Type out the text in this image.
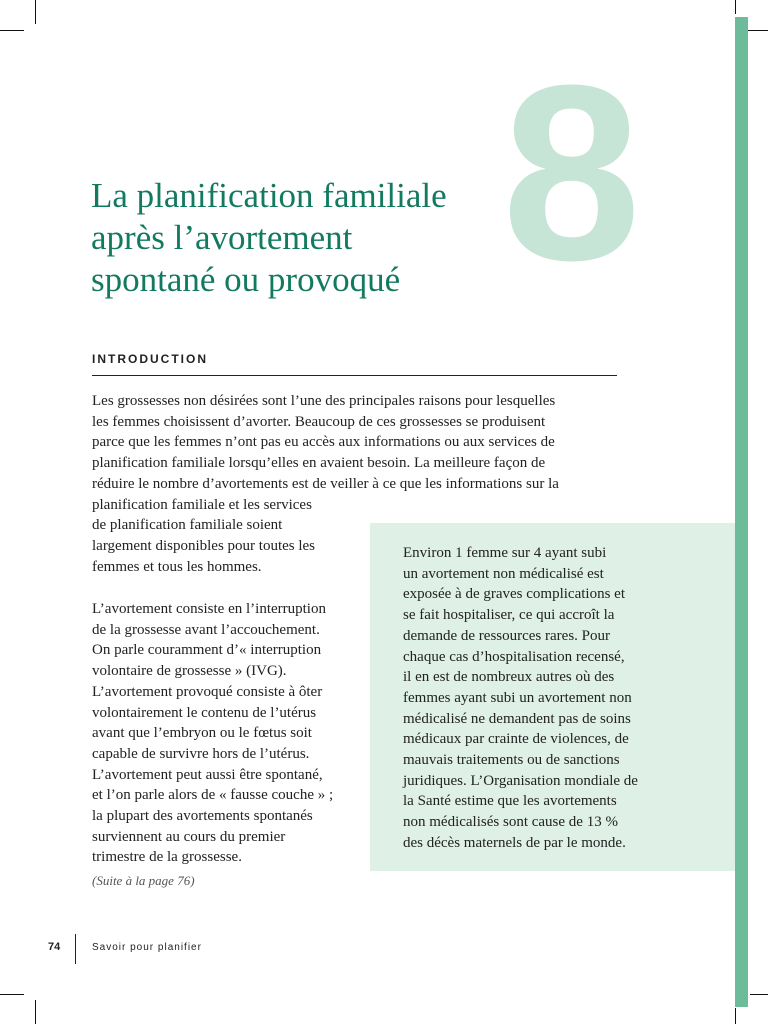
8
La planification familiale
après l’avortement
spontané ou provoqué
INTRODUCTION
Les grossesses non désirées sont l’une des principales raisons pour lesquelles
les femmes choisissent d’avorter. Beaucoup de ces grossesses se produisent
parce que les femmes n’ont pas eu accès aux informations ou aux services de
planification familiale lorsqu’elles en avaient besoin. La meilleure façon de
réduire le nombre d’avortements est de veiller à ce que les informations sur la
planification familiale et les services
de planification familiale soient
largement disponibles pour toutes les
femmes et tous les hommes.
L’avortement consiste en l’interruption
de la grossesse avant l’accouchement.
On parle couramment d’« interruption
volontaire de grossesse » (IVG).
L’avortement provoqué consiste à ôter
volontairement le contenu de l’utérus
avant que l’embryon ou le fœtus soit
capable de survivre hors de l’utérus.
L’avortement peut aussi être spontané,
et l’on parle alors de « fausse couche » ;
la plupart des avortements spontanés
surviennent au cours du premier
trimestre de la grossesse.
Environ 1 femme sur 4 ayant subi
un avortement non médicalisé est
exposée à de graves complications et
se fait hospitaliser, ce qui accroît la
demande de ressources rares. Pour
chaque cas d’hospitalisation recensé,
il en est de nombreux autres où des
femmes ayant subi un avortement non
médicalisé ne demandent pas de soins
médicaux par crainte de violences, de
mauvais traitements ou de sanctions
juridiques. L’Organisation mondiale de
la Santé estime que les avortements
non médicalisés sont cause de 13 %
des décès maternels de par le monde.
(Suite à la page 76)
74	Savoir pour planifier
